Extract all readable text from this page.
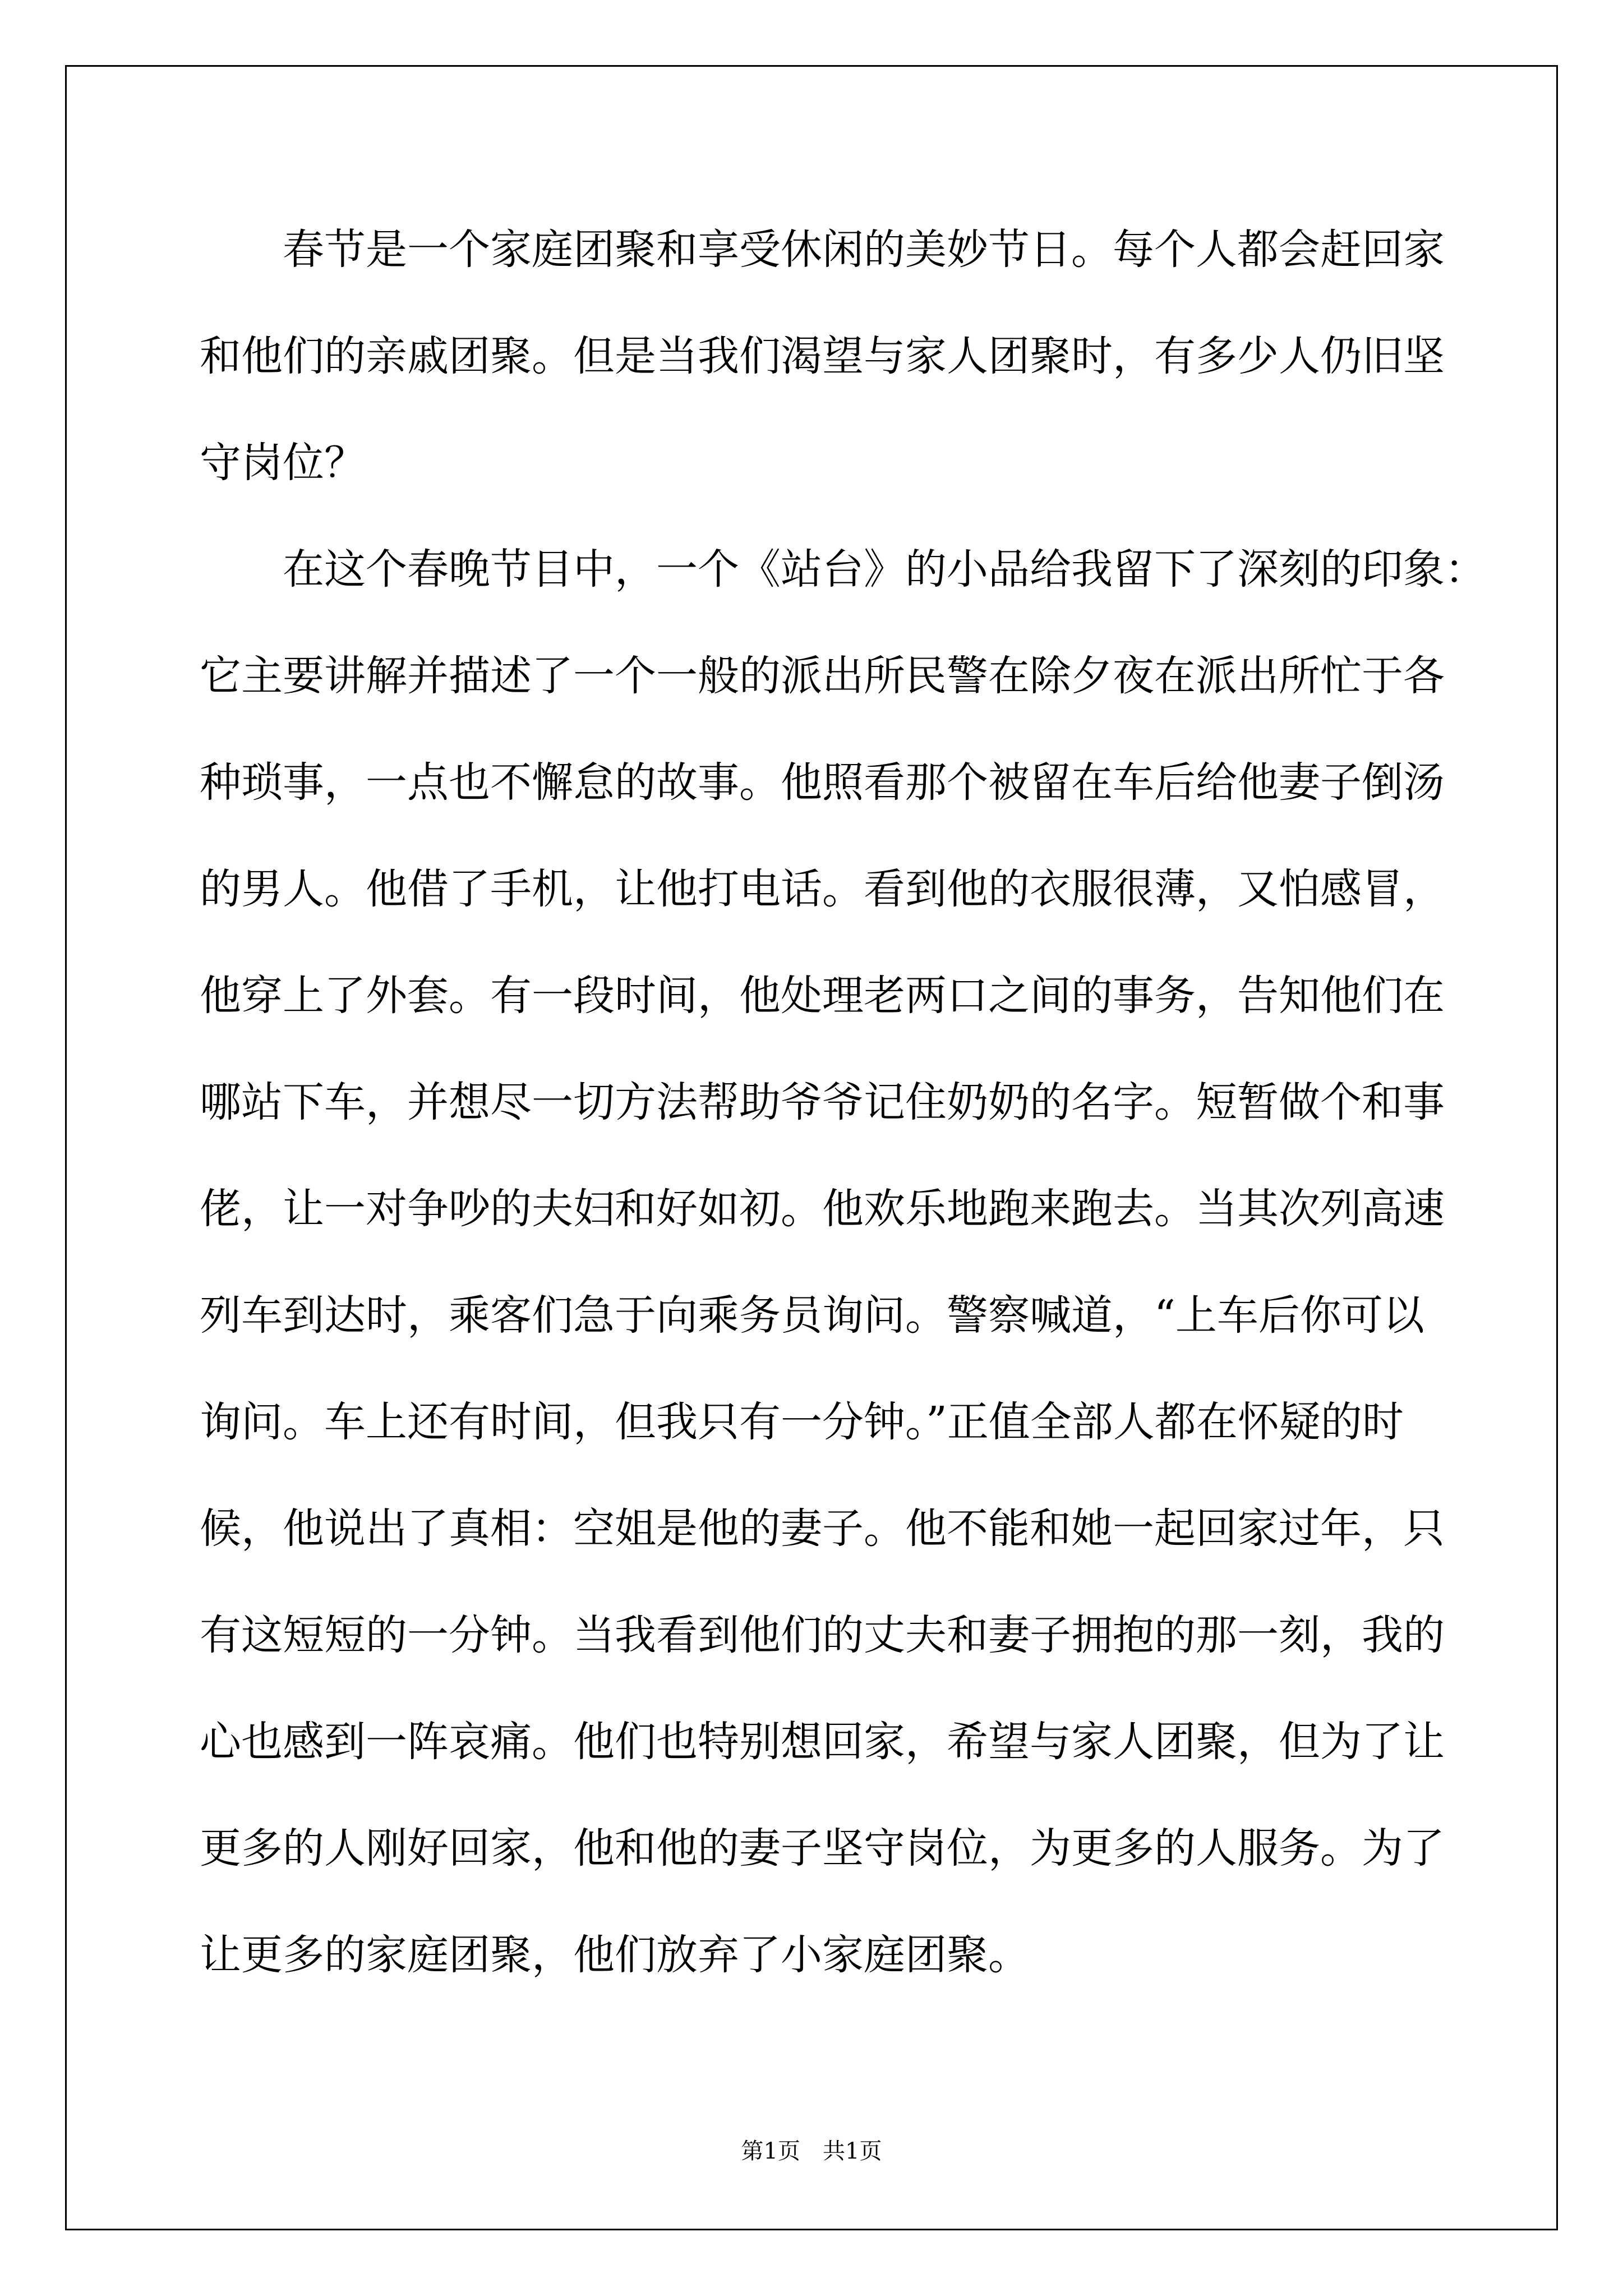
　　春节是一个家庭团聚和享受休闲的美妙节日。每个人都会赶回家
和他们的亲戚团聚。但是当我们渴望与家人团聚时，有多少人仍旧坚
守岗位？
　　在这个春晚节目中，一个《站台》的小品给我留下了深刻的印象：
它主要讲解并描述了一个一般的派出所民警在除夕夜在派出所忙于各
种琐事，一点也不懈怠的故事。他照看那个被留在车后给他妻子倒汤
的男人。他借了手机，让他打电话。看到他的衣服很薄，又怕感冒，
他穿上了外套。有一段时间，他处理老两口之间的事务，告知他们在
哪站下车，并想尽一切方法帮助爷爷记住奶奶的名字。短暂做个和事
佬，让一对争吵的夫妇和好如初。他欢乐地跑来跑去。当其次列高速
列车到达时，乘客们急于向乘务员询问。警察喊道，“上车后你可以
询问。车上还有时间，但我只有一分钟。”正值全部人都在怀疑的时
候，他说出了真相：空姐是他的妻子。他不能和她一起回家过年，只
有这短短的一分钟。当我看到他们的丈夫和妻子拥抱的那一刻，我的
心也感到一阵哀痛。他们也特别想回家，希望与家人团聚，但为了让
更多的人刚好回家，他和他的妻子坚守岗位，为更多的人服务。为了
让更多的家庭团聚，他们放弃了小家庭团聚。
第1页　共1页
